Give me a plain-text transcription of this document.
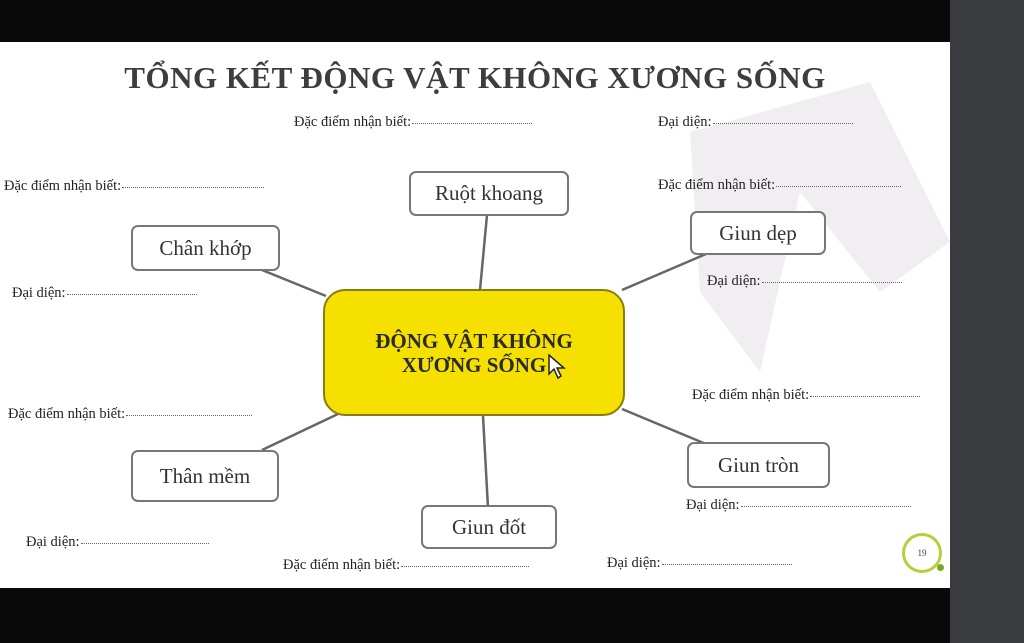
TỔNG KẾT ĐỘNG VẬT KHÔNG XƯƠNG SỐNG
Ruột khoang
Giun dẹp
Chân khớp
Thân mềm	Giun tròn
Giun đốt
ĐỘNG VẬT KHÔNG
XƯƠNG SỐNG
Đặc điểm nhận biết:	Đại diện:
Đặc điểm nhận biết:
Đại diện:
Đặc điểm nhận biết:
Đại diện:
Đặc điểm nhận biết:
Đại diện:
Đặc điểm nhận biết:
Đại diện:
Đặc điểm nhận biết:	Đại diện:
19
